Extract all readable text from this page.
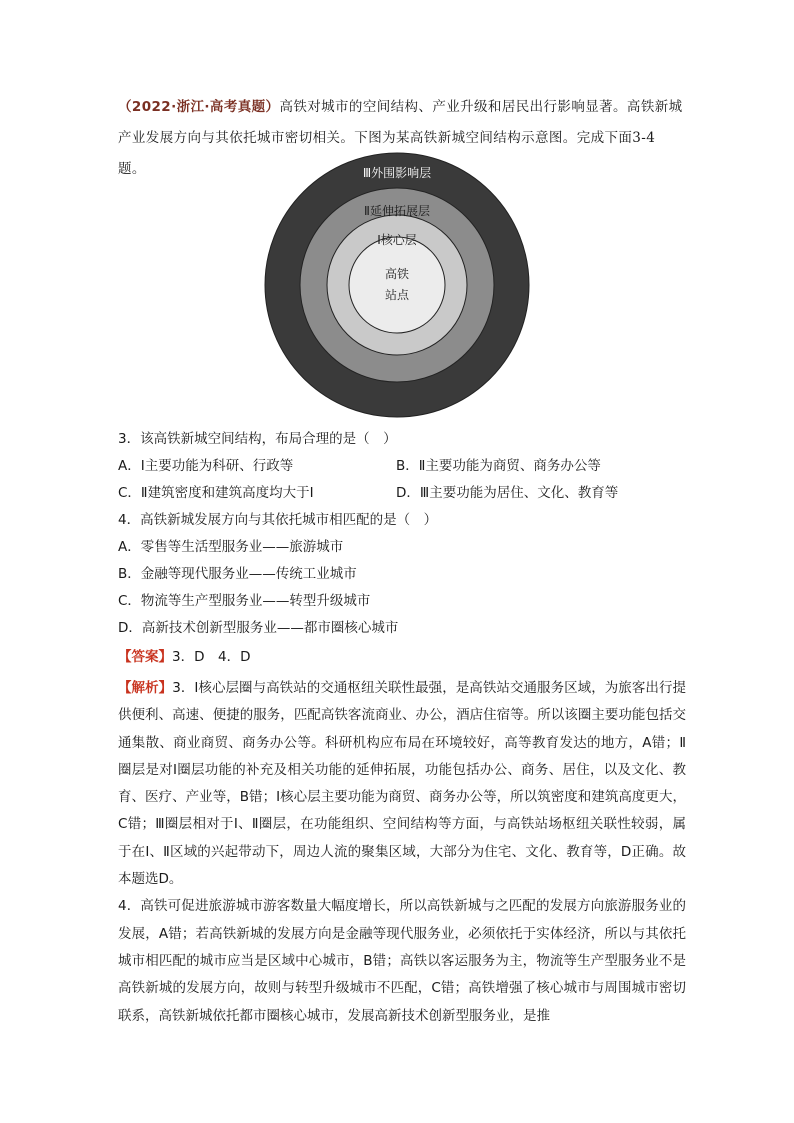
（2022·浙江·高考真题）高铁对城市的空间结构、产业升级和居民出行影响显著。高铁新城产业发展方向与其依托城市密切相关。下图为某高铁新城空间结构示意图。完成下面3-4题。	Ⅲ外围影响层
Ⅱ延伸拓展层
Ⅰ核心层
高铁
站点
3．该高铁新城空间结构，布局合理的是（　）
A．Ⅰ主要功能为科研、行政等	B．Ⅱ主要功能为商贸、商务办公等
C．Ⅱ建筑密度和建筑高度均大于Ⅰ	D．Ⅲ主要功能为居住、文化、教育等
4．高铁新城发展方向与其依托城市相匹配的是（　）
A．零售等生活型服务业——旅游城市
B．金融等现代服务业——传统工业城市
C．物流等生产型服务业——转型升级城市
D．高新技术创新型服务业——都市圈核心城市
【答案】3．D　4．D

【解析】3．Ⅰ核心层圈与高铁站的交通枢纽关联性最强，是高铁站交通服务区域，为旅客出行提供便利、高速、便捷的服务，匹配高铁客流商业、办公，酒店住宿等。所以该圈主要功能包括交通集散、商业商贸、商务办公等。科研机构应布局在环境较好，高等教育发达的地方，A错；Ⅱ圈层是对Ⅰ圈层功能的补充及相关功能的延伸拓展，功能包括办公、商务、居住，以及文化、教育、医疗、产业等，B错；Ⅰ核心层主要功能为商贸、商务办公等，所以筑密度和建筑高度更大，C错；Ⅲ圈层相对于Ⅰ、Ⅱ圈层，在功能组织、空间结构等方面，与高铁站场枢纽关联性较弱，属于在Ⅰ、Ⅱ区域的兴起带动下，周边人流的聚集区域，大部分为住宅、文化、教育等，D正确。故本题选D。

4．高铁可促进旅游城市游客数量大幅度增长，所以高铁新城与之匹配的发展方向旅游服务业的发展，A错；若高铁新城的发展方向是金融等现代服务业，必须依托于实体经济，所以与其依托城市相匹配的城市应当是区域中心城市，B错；高铁以客运服务为主，物流等生产型服务业不是高铁新城的发展方向，故则与转型升级城市不匹配，C错；高铁增强了核心城市与周围城市密切联系，高铁新城依托都市圈核心城市，发展高新技术创新型服务业，是推
